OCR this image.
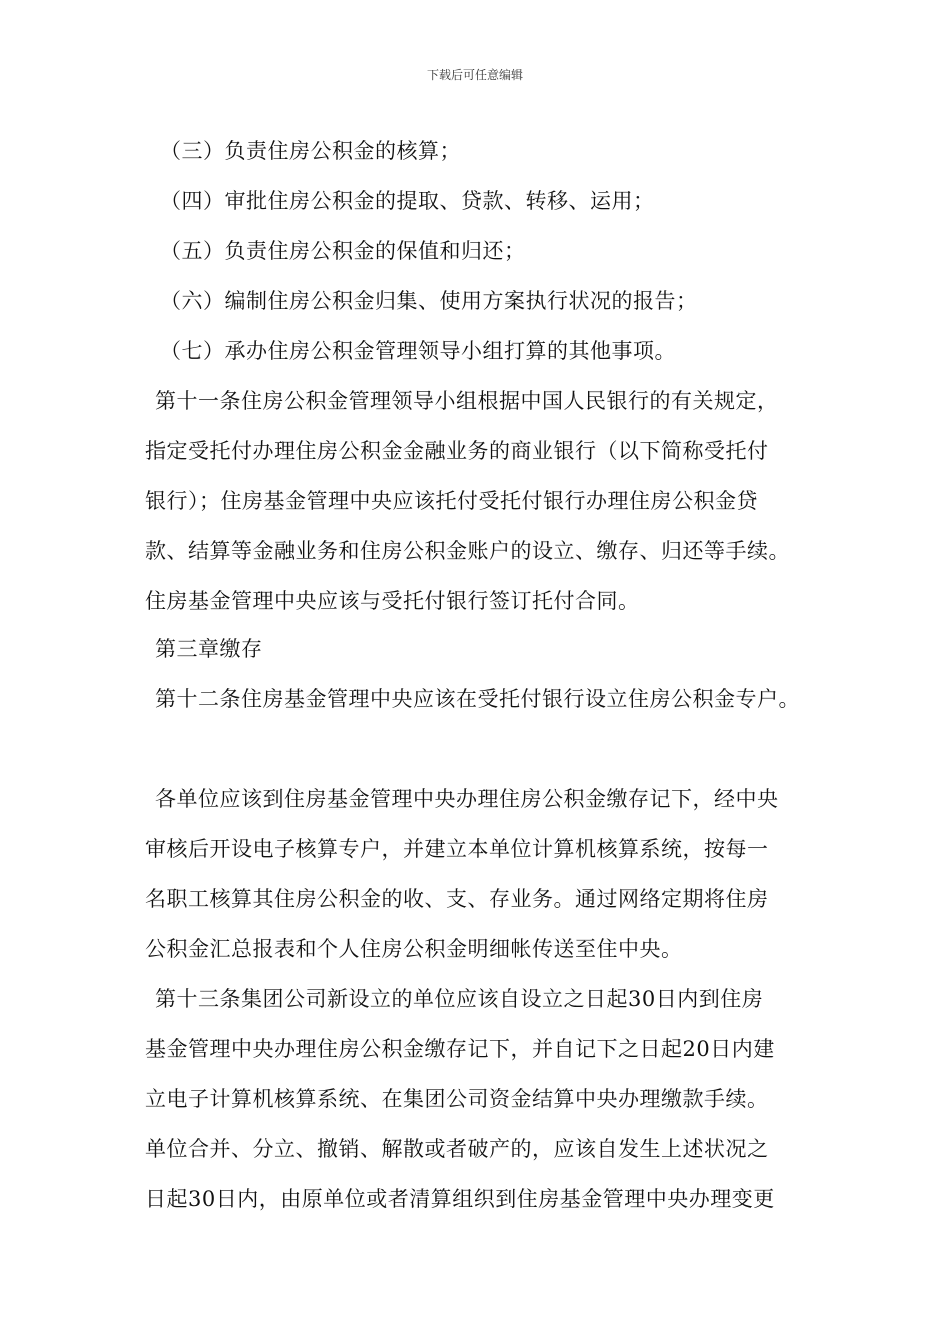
下载后可任意编辑
（三）负责住房公积金的核算；
（四）审批住房公积金的提取、贷款、转移、运用；
（五）负责住房公积金的保值和归还；
（六）编制住房公积金归集、使用方案执行状况的报告；
（七）承办住房公积金管理领导小组打算的其他事项。
第十一条住房公积金管理领导小组根据中国人民银行的有关规定，
指定受托付办理住房公积金金融业务的商业银行（以下简称受托付
银行）；住房基金管理中央应该托付受托付银行办理住房公积金贷
款、结算等金融业务和住房公积金账户的设立、缴存、归还等手续。
住房基金管理中央应该与受托付银行签订托付合同。
第三章缴存
第十二条住房基金管理中央应该在受托付银行设立住房公积金专户。
各单位应该到住房基金管理中央办理住房公积金缴存记下，经中央
审核后开设电子核算专户，并建立本单位计算机核算系统，按每一
名职工核算其住房公积金的收、支、存业务。通过网络定期将住房
公积金汇总报表和个人住房公积金明细帐传送至住中央。
第十三条集团公司新设立的单位应该自设立之日起30日内到住房
基金管理中央办理住房公积金缴存记下，并自记下之日起20日内建
立电子计算机核算系统、在集团公司资金结算中央办理缴款手续。
单位合并、分立、撤销、解散或者破产的，应该自发生上述状况之
日起30日内，由原单位或者清算组织到住房基金管理中央办理变更
